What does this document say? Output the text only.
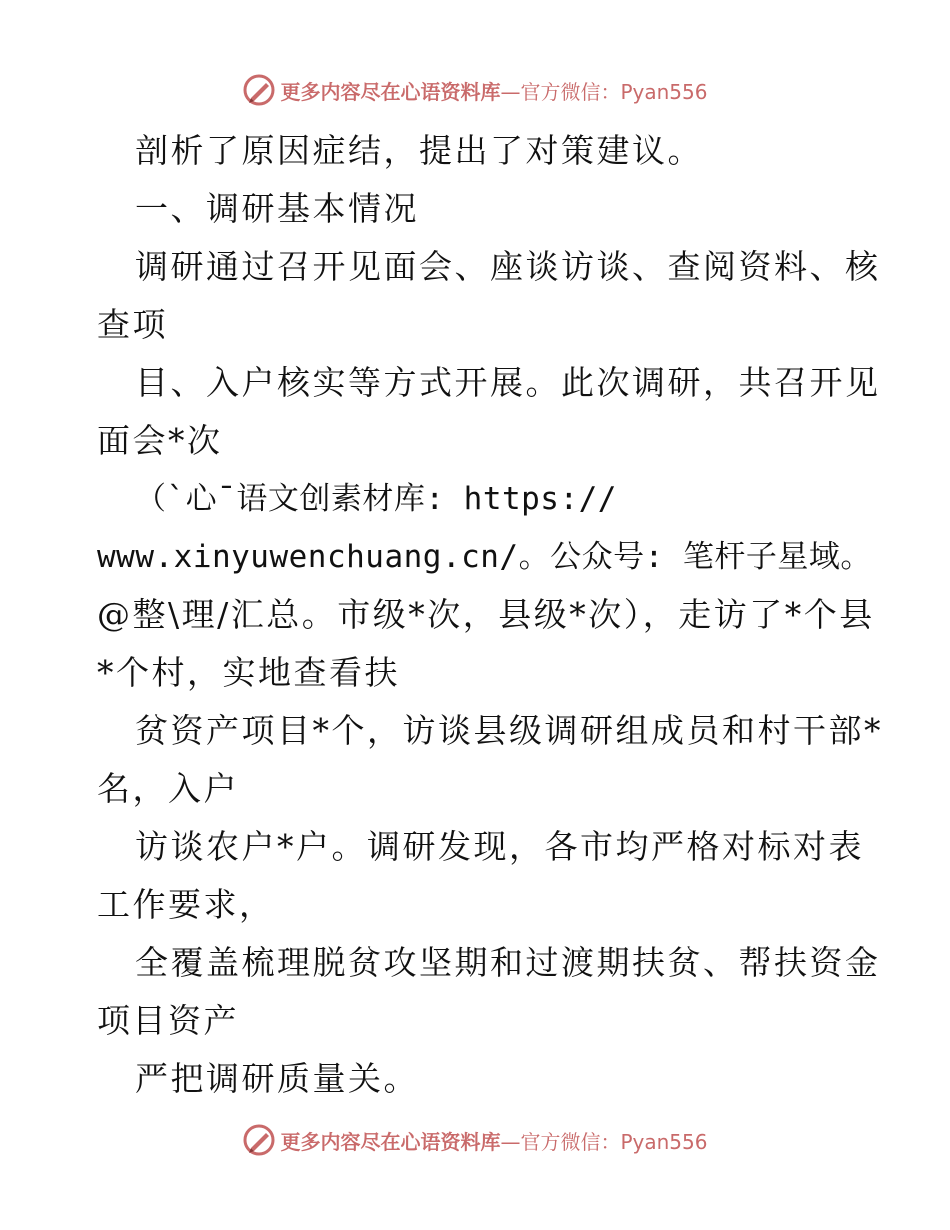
更多内容尽在心语资料库—官方微信：Pyan556

剖析了原因症结，提出了对策建议。

一、调研基本情况

调研通过召开见面会、座谈访谈、查阅资料、核

查项

目、入户核实等方式开展。此次调研，共召开见

面会*次

（`心¯语文创素材库: https://

www.xinyuwenchuang.cn/。公众号: 笔杆子星域。

@整\理/汇总。市级*次，县级*次），走访了*个县

*个村，实地查看扶

贫资产项目*个，访谈县级调研组成员和村干部*

名，入户

访谈农户*户。调研发现，各市均严格对标对表

工作要求，

全覆盖梳理脱贫攻坚期和过渡期扶贫、帮扶资金

项目资产

严把调研质量关。

更多内容尽在心语资料库—官方微信：Pyan556
